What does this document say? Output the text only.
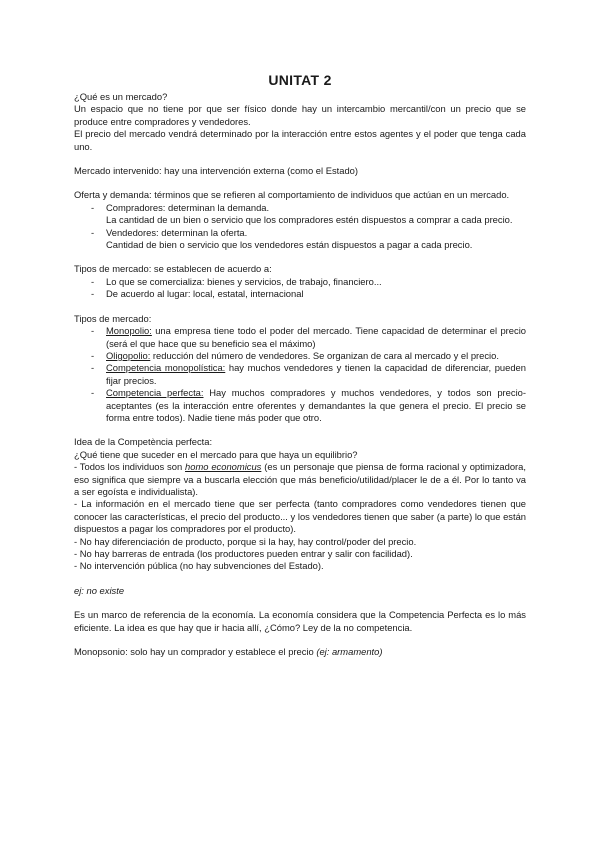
UNITAT 2

¿Qué es un mercado?

Un espacio que no tiene por que ser físico donde hay un intercambio mercantil/con un precio que se produce entre compradores y vendedores.

El precio del mercado vendrá determinado por la interacción entre estos agentes y el poder que tenga cada uno.

Mercado intervenido: hay una intervención externa (como el Estado)

Oferta y demanda: términos que se refieren al comportamiento de individuos que actúan en un mercado.

- Compradores: determinan la demanda.
La cantidad de un bien o servicio que los compradores estén dispuestos a comprar a cada precio.
- Vendedores: determinan la oferta.
Cantidad de bien o servicio que los vendedores están dispuestos a pagar a cada precio.

Tipos de mercado: se establecen de acuerdo a:

- Lo que se comercializa: bienes y servicios, de trabajo, financiero...
- De acuerdo al lugar: local, estatal, internacional

Tipos de mercado:

- Monopolio: una empresa tiene todo el poder del mercado. Tiene capacidad de determinar el precio (será el que hace que su beneficio sea el máximo)
- Oligopolio: reducción del número de vendedores. Se organizan de cara al mercado y el precio.
- Competencia monopolística: hay muchos vendedores y tienen la capacidad de diferenciar, pueden fijar precios.
- Competencia perfecta: Hay muchos compradores y muchos vendedores, y todos son precio-aceptantes (es la interacción entre oferentes y demandantes la que genera el precio. El precio se forma entre todos). Nadie tiene más poder que otro.

Idea de la Competència perfecta:

¿Qué tiene que suceder en el mercado para que haya un equilibrio?

- Todos los individuos son homo economicus (es un personaje que piensa de forma racional y optimizadora, eso significa que siempre va a buscarla elección que más beneficio/utilidad/placer le de a él. Por lo tanto va a ser egoísta e individualista).

- La información en el mercado tiene que ser perfecta (tanto compradores como vendedores tienen que conocer las características, el precio del producto... y los vendedores tienen que saber (a parte) lo que están dispuestos a pagar los compradores por el producto).

- No hay diferenciación de producto, porque si la hay, hay control/poder del precio.

- No hay barreras de entrada (los productores pueden entrar y salir con facilidad).

- No intervención pública (no hay subvenciones del Estado).

ej: no existe

Es un marco de referencia de la economía. La economía considera que la Competencia Perfecta es lo más eficiente. La idea es que hay que ir hacia allí, ¿Cómo? Ley de la no competencia.

Monopsonio: solo hay un comprador y establece el precio (ej: armamento)
